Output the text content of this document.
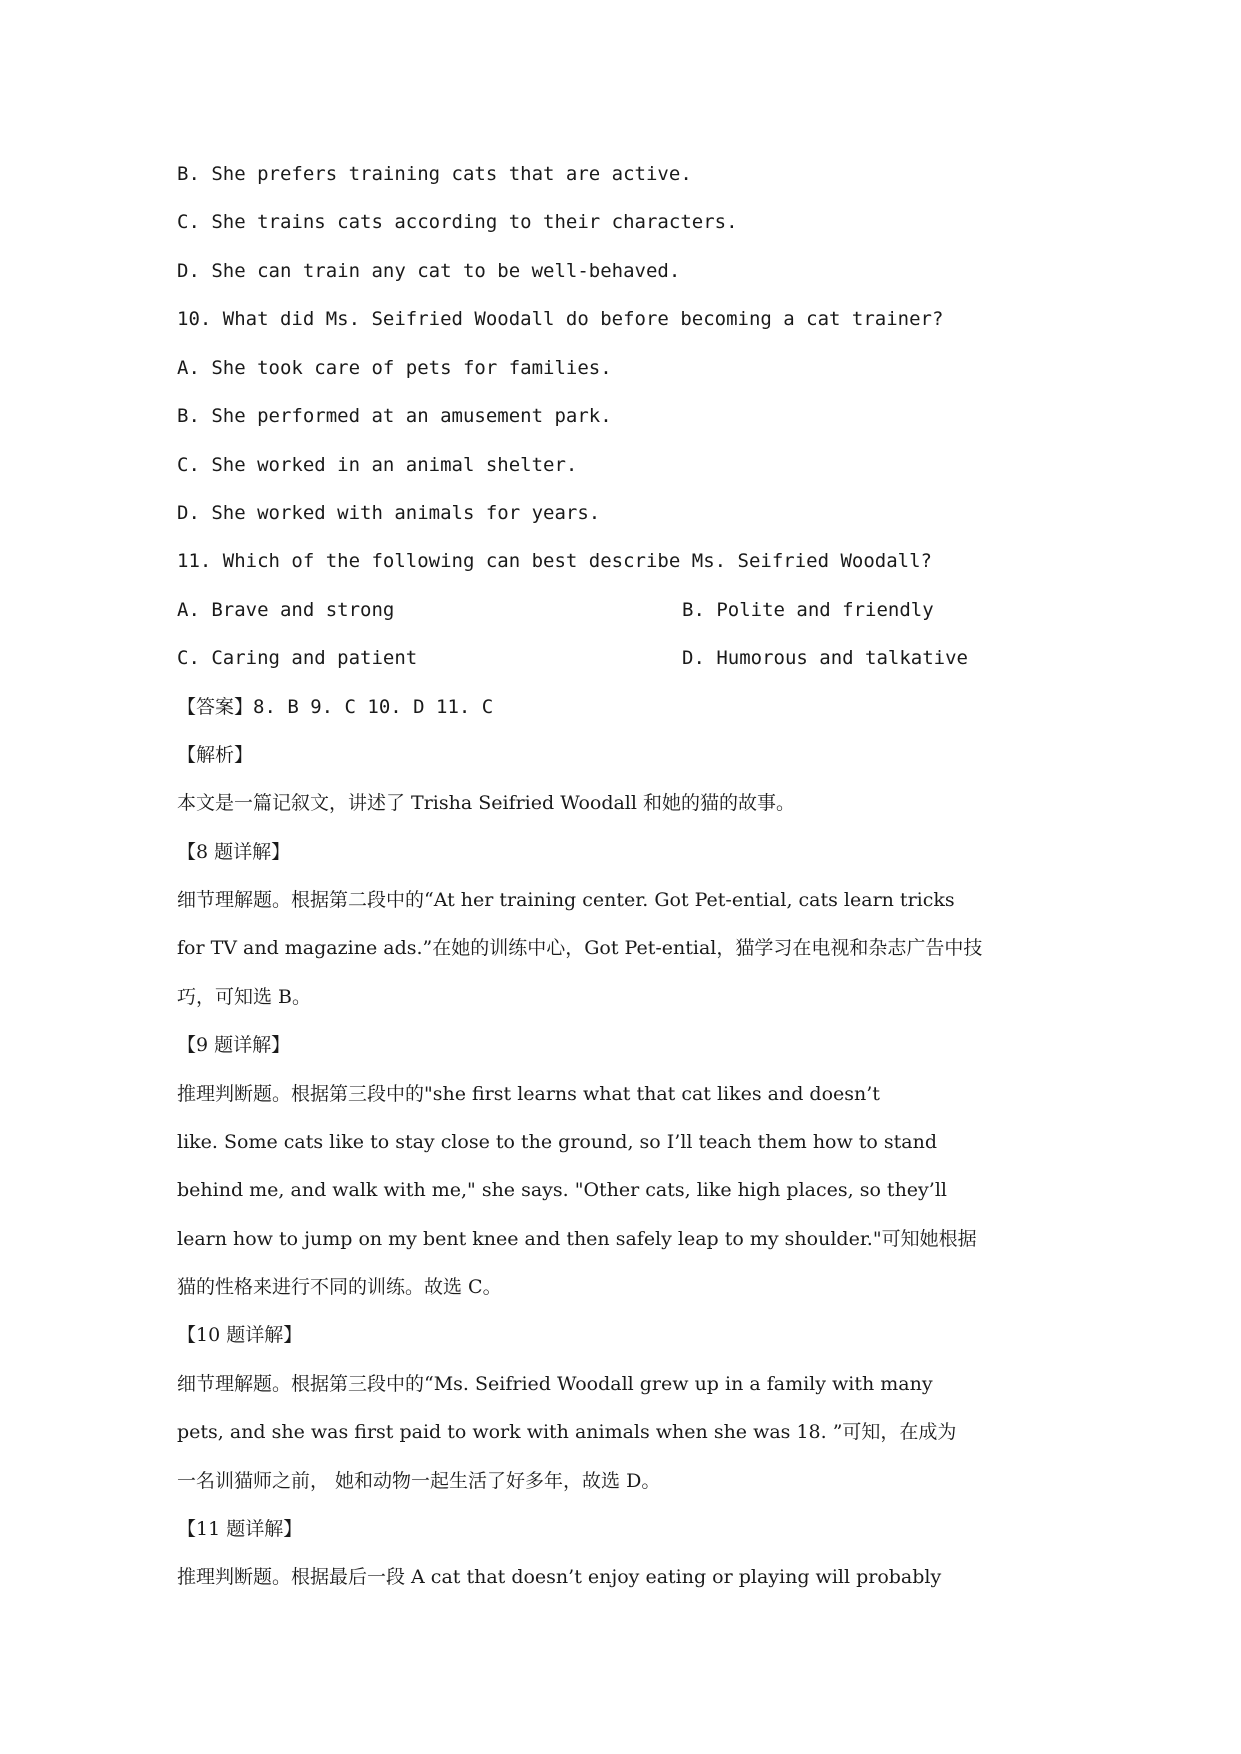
B. She prefers training cats that are active.
C. She trains cats according to their characters.
D. She can train any cat to be well-behaved.
10. What did Ms. Seifried Woodall do before becoming a cat trainer?
A. She took care of pets for families.
B. She performed at an amusement park.
C. She worked in an animal shelter.
D. She worked with animals for years.
11. Which of the following can best describe Ms. Seifried Woodall?
A. Brave and strong	B. Polite and friendly
C. Caring and patient	D. Humorous and talkative
【答案】8. B 9. C 10. D 11. C
【解析】
本文是一篇记叙文，讲述了 Trisha Seifried Woodall 和她的猫的故事。
【8 题详解】
细节理解题。根据第二段中的“At her training center. Got Pet-ential, cats learn tricks
for TV and magazine ads.”在她的训练中心，Got Pet-ential，猫学习在电视和杂志广告中技
巧，可知选 B。
【9 题详解】
推理判断题。根据第三段中的"she first learns what that cat likes and doesn’t
like. Some cats like to stay close to the ground, so I’ll teach them how to stand
behind me, and walk with me," she says. "Other cats, like high places, so they’ll
learn how to jump on my bent knee and then safely leap to my shoulder."可知她根据
猫的性格来进行不同的训练。故选 C。
【10 题详解】
细节理解题。根据第三段中的“Ms. Seifried Woodall grew up in a family with many
pets, and she was first paid to work with animals when she was 18. ”可知，在成为
一名训猫师之前， 她和动物一起生活了好多年，故选 D。
【11 题详解】
推理判断题。根据最后一段 A cat that doesn’t enjoy eating or playing will probably
